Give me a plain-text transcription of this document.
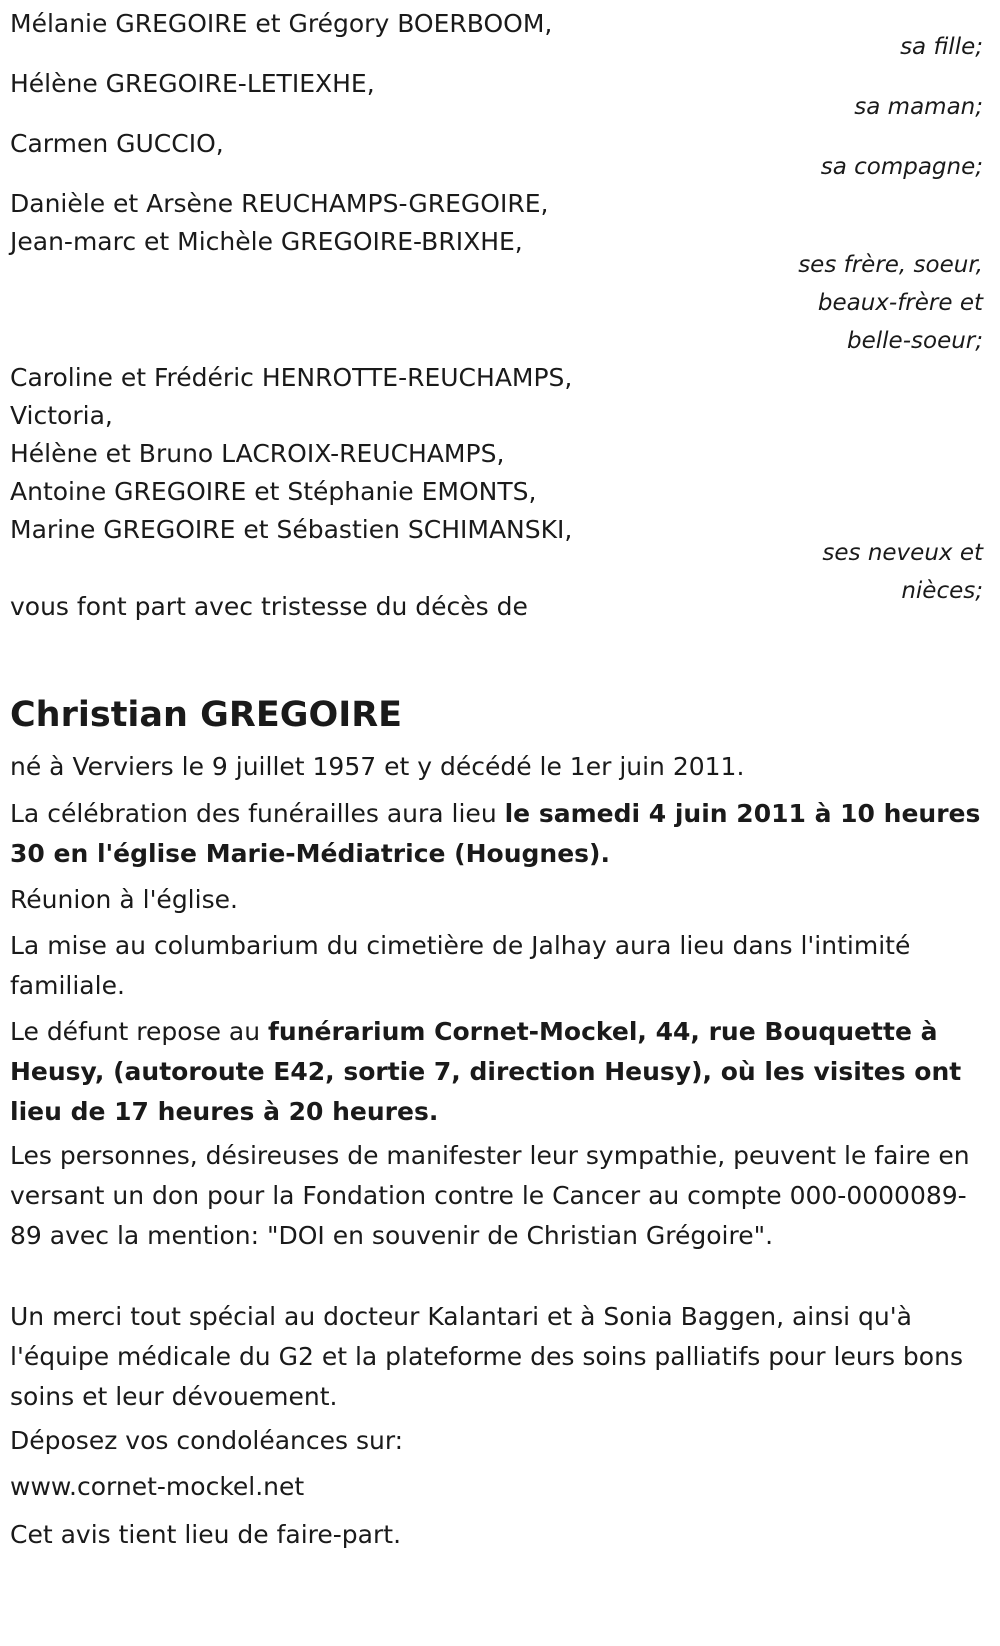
Mélanie GREGOIRE et Grégory BOERBOOM,

sa fille;

Hélène GREGOIRE-LETIEXHE,

sa maman;

Carmen GUCCIO,

sa compagne;

Danièle et Arsène REUCHAMPS-GREGOIRE,

Jean-marc et Michèle GREGOIRE-BRIXHE,

ses frère, soeur,

beaux-frère et

belle-soeur;

Caroline et Frédéric HENROTTE-REUCHAMPS,

Victoria,

Hélène et Bruno LACROIX-REUCHAMPS,

Antoine GREGOIRE et Stéphanie EMONTS,

Marine GREGOIRE et Sébastien SCHIMANSKI,

ses neveux et

nièces;

vous font part avec tristesse du décès de

Christian GREGOIRE

né à Verviers le 9 juillet 1957 et y décédé le 1er juin 2011.

La célébration des funérailles aura lieu le samedi 4 juin 2011 à 10 heures 30 en l'église Marie-Médiatrice (Hougnes).

Réunion à l'église.

La mise au columbarium du cimetière de Jalhay aura lieu dans l'intimité familiale.

Le défunt repose au funérarium Cornet-Mockel, 44, rue Bouquette à Heusy, (autoroute E42, sortie 7, direction Heusy), où les visites ont lieu de 17 heures à 20 heures.

Les personnes, désireuses de manifester leur sympathie, peuvent le faire en versant un don pour la Fondation contre le Cancer au compte 000-0000089-89 avec la mention: "DOI en souvenir de Christian Grégoire".

Un merci tout spécial au docteur Kalantari et à Sonia Baggen, ainsi qu'à l'équipe médicale du G2 et la plateforme des soins palliatifs pour leurs bons soins et leur dévouement.

Déposez vos condoléances sur:

www.cornet-mockel.net

Cet avis tient lieu de faire-part.
